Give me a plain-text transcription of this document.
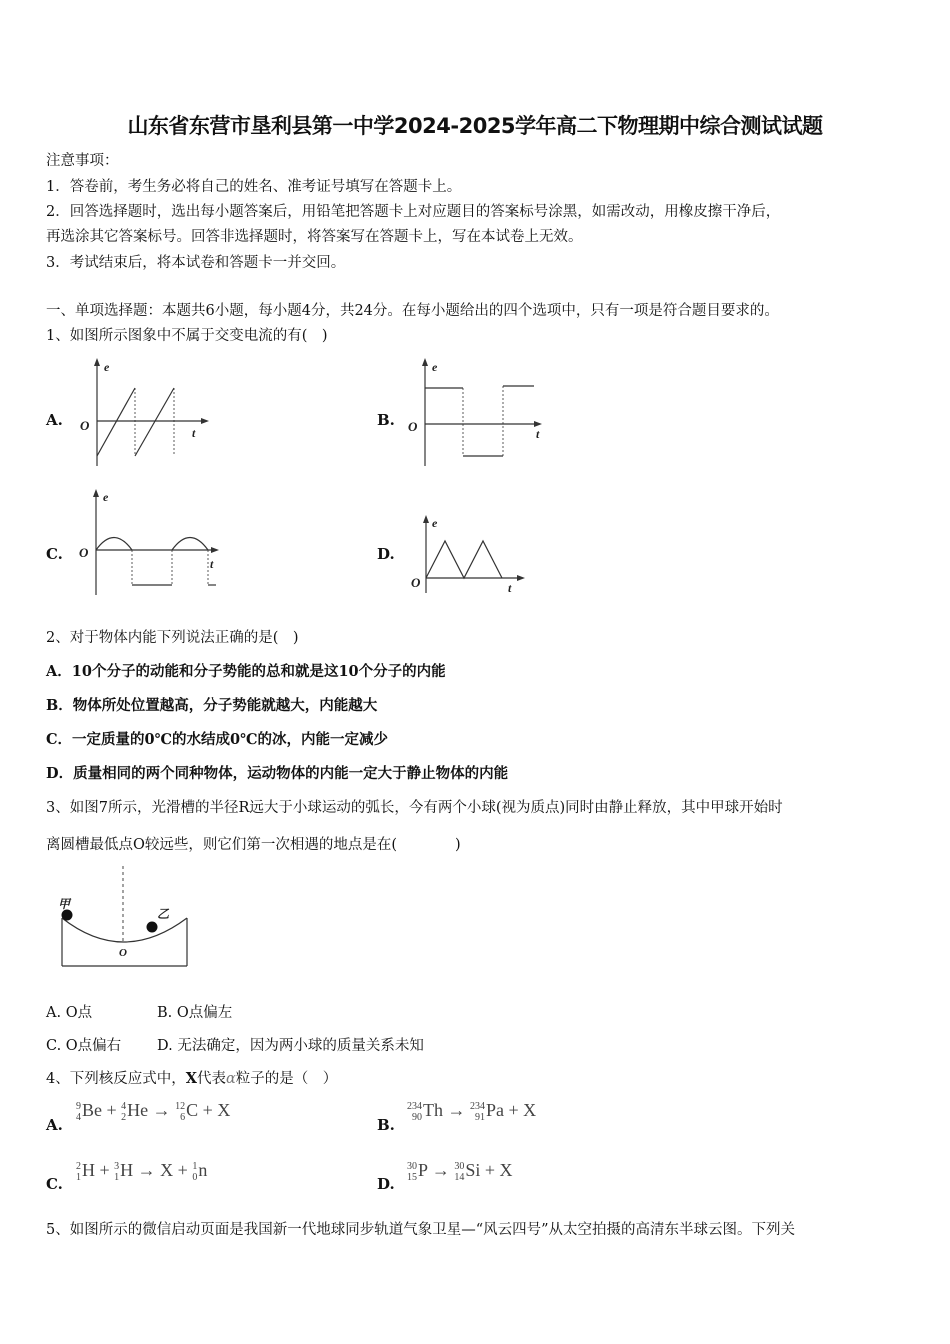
山东省东营市垦利县第一中学2024-2025学年高二下物理期中综合测试试题
注意事项：
1．答卷前，考生务必将自己的姓名、准考证号填写在答题卡上。
2．回答选择题时，选出每小题答案后，用铅笔把答题卡上对应题目的答案标号涂黑，如需改动，用橡皮擦干净后，
再选涂其它答案标号。回答非选择题时，将答案写在答题卡上，写在本试卷上无效。
3．考试结束后，将本试卷和答题卡一并交回。
一、单项选择题：本题共6小题，每小题4分，共24分。在每小题给出的四个选项中，只有一项是符合题目要求的。
1、如图所示图象中不属于交变电流的有(　)
A.
e
O	t
B.
e
O	t
C.
e
O
t
D.
e
O	t
2、对于物体内能下列说法正确的是(　)
A．10个分子的动能和分子势能的总和就是这10个分子的内能
B．物体所处位置越高，分子势能就越大，内能越大
C．一定质量的0℃的水结成0℃的冰，内能一定减少
D．质量相同的两个同种物体，运动物体的内能一定大于静止物体的内能
3、如图7所示，光滑槽的半径R远大于小球运动的弧长，今有两个小球(视为质点)同时由静止释放，其中甲球开始时
离圆槽最低点O较远些，则它们第一次相遇的地点是在(　　　　)
甲
乙
O
A. O点	B. O点偏左
C. O点偏右 D. 无法确定，因为两小球的质量关系未知
4、下列核反应式中，X代表α粒子的是（　）
A.
9
4 Be + 4
2 He → 12
6 C + X
B.
234
90 Th → 234
91 Pa + X
C.
2
1 H + 3
1 H → X + 1
0 n
D.
30
15 P → 30
14 Si + X
5、如图所示的微信启动页面是我国新一代地球同步轨道气象卫星—“风云四号”从太空拍摄的高清东半球云图。下列关
